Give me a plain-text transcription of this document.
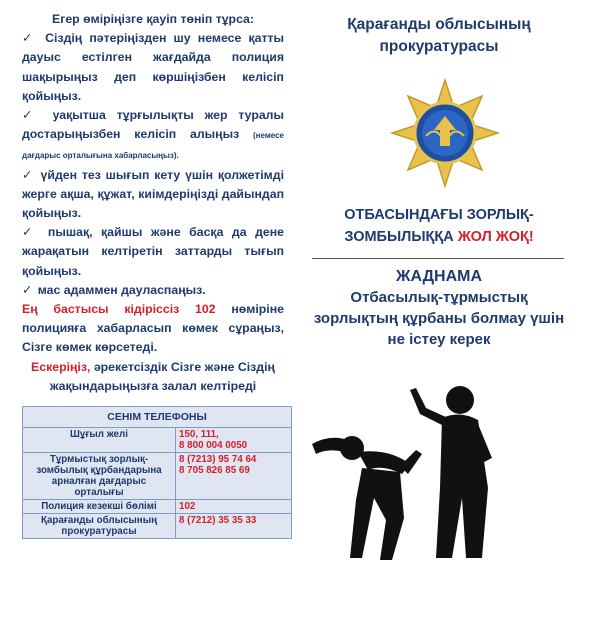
Егер өміріңізге қауіп төніп тұрса:

✓ Сіздің пәтеріңізден шу немесе қатты дауыс естілген жағдайда полиция шақырыңыз деп көршіңізбен келісіп қойыңыз.

✓ уақытша тұрғылықты жер туралы достарыңызбен келісіп алыңыз (немесе дағдарыс орталығына хабарласыңыз).

✓ үйден тез шығып кету үшін қолжетімді жерге ақша, құжат, киімдеріңізді дайындап қойыңыз.

✓ пышақ, қайшы және басқа да дене жарақатын келтіретін заттарды тығып қойыңыз.

✓ мас адаммен дауласпаңыз.

Ең бастысы кідіріссіз 102 нөміріне полицияға хабарласып көмек сұраңыз, Сізге көмек көрсетеді.

Ескеріңіз, әрекетсіздік Сізге және Сіздің жақындарыңызға залал келтіреді

СЕНІМ ТЕЛЕФОНЫ	
Шұғыл желі	150, 111,
8 800 004 0050

Тұрмыстық зорлық-зомбылық құрбандарына арналған дағдарыс орталығы	8 (7213) 95 74 64
8 705 826 85 69

Полиция кезекші бөлімі	102
Қарағанды облысының прокуратурасы	8 (7212) 35 35 33
Қарағанды облысының
прокуратурасы
ОТБАСЫНДАҒЫ ЗОРЛЫҚ-
ЗОМБЫЛЫҚҚА ЖОЛ ЖОҚ!
ЖАДНАМА
Отбасылық-тұрмыстық зорлықтың құрбаны болмау үшін не істеу керек
